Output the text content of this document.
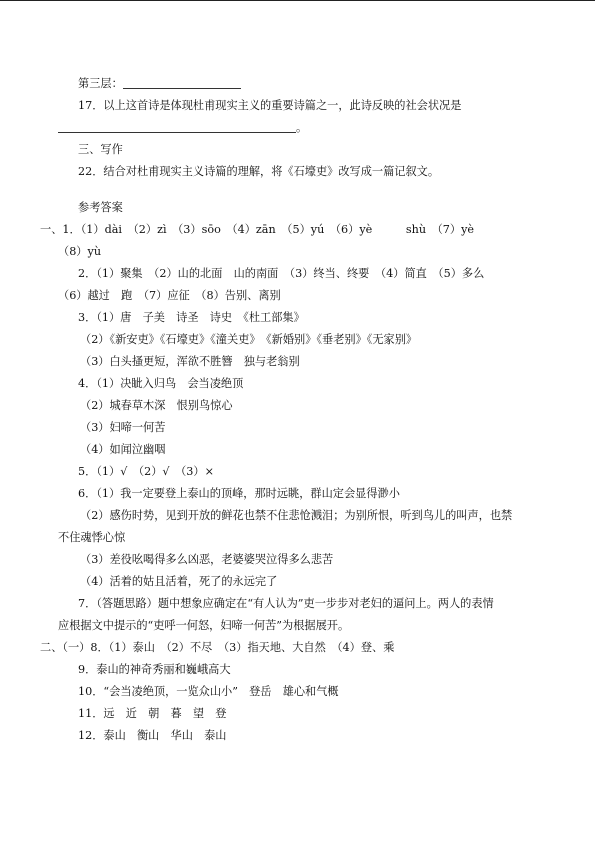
第三层：
17．以上这首诗是体现杜甫现实主义的重要诗篇之一，此诗反映的社会状况是
。
三、写作
22．结合对杜甫现实主义诗篇的理解，将《石壕吏》改写成一篇记叙文。
参考答案
一、1．（1）dài　（2）zì　（3）sōo　（4）zān　（5）yú　（6）yè　　　shù　（7）yè
（8）yù
2．（1）聚集　（2）山的北面　山的南面　（3）终当、终要　（4）简直　（5）多么
（6）越过　跑　（7）应征　（8）告别、离别
3．（1）唐　子美　诗圣　诗史　《杜工部集》
（2）《新安吏》《石壕吏》《潼关吏》　《新婚别》《垂老别》《无家别》
（3）白头搔更短，浑欲不胜簪　独与老翁别
4．（1）决眦入归鸟　会当凌绝顶
（2）城春草木深　恨别鸟惊心
（3）妇啼一何苦
（4）如闻泣幽咽
5．（1）√　（2）√　（3）×
6．（1）我一定要登上泰山的顶峰，那时远眺，群山定会显得渺小
（2）感伤时势，见到开放的鲜花也禁不住悲怆溅泪；为别所恨，听到鸟儿的叫声，也禁
不住魂悸心惊
（3）差役吆喝得多么凶恶，老婆婆哭泣得多么悲苦
（4）活着的姑且活着，死了的永远完了
7．（答题思路）题中想象应确定在“有人认为”吏一步步对老妇的逼问上。两人的表情
应根据文中提示的“吏呼一何怒，妇啼一何苦”为根据展开。
二、（一）8．（1）泰山　（2）不尽　（3）指天地、大自然　（4）登、乘
9．泰山的神奇秀丽和巍峨高大
10．“会当凌绝顶，一览众山小”　登岳　雄心和气概
11．远　近　朝　暮　望　登
12．泰山　衡山　华山　泰山
